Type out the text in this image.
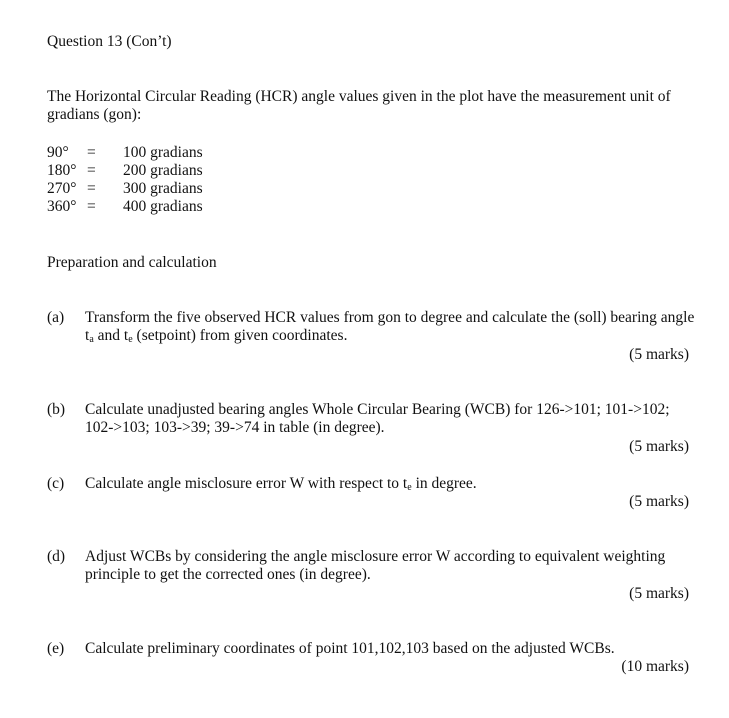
Question 13 (Con’t)
The Horizontal Circular Reading (HCR) angle values given in the plot have the measurement unit of gradians (gon):
90° = 100 gradians
180° = 200 gradians
270° = 300 gradians
360° = 400 gradians
Preparation and calculation
(a) Transform the five observed HCR values from gon to degree and calculate the (soll) bearing angle $t_a$ and $t_e$ (setpoint) from given coordinates.
(5 marks)
(b) Calculate unadjusted bearing angles Whole Circular Bearing (WCB) for 126->101; 101->102; 102->103; 103->39; 39->74 in table (in degree).
(5 marks)
(c) Calculate angle misclosure error W with respect to $t_e$ in degree.
(5 marks)
(d) Adjust WCBs by considering the angle misclosure error W according to equivalent weighting principle to get the corrected ones (in degree).
(5 marks)
(e) Calculate preliminary coordinates of point 101,102,103 based on the adjusted WCBs.
(10 marks)
